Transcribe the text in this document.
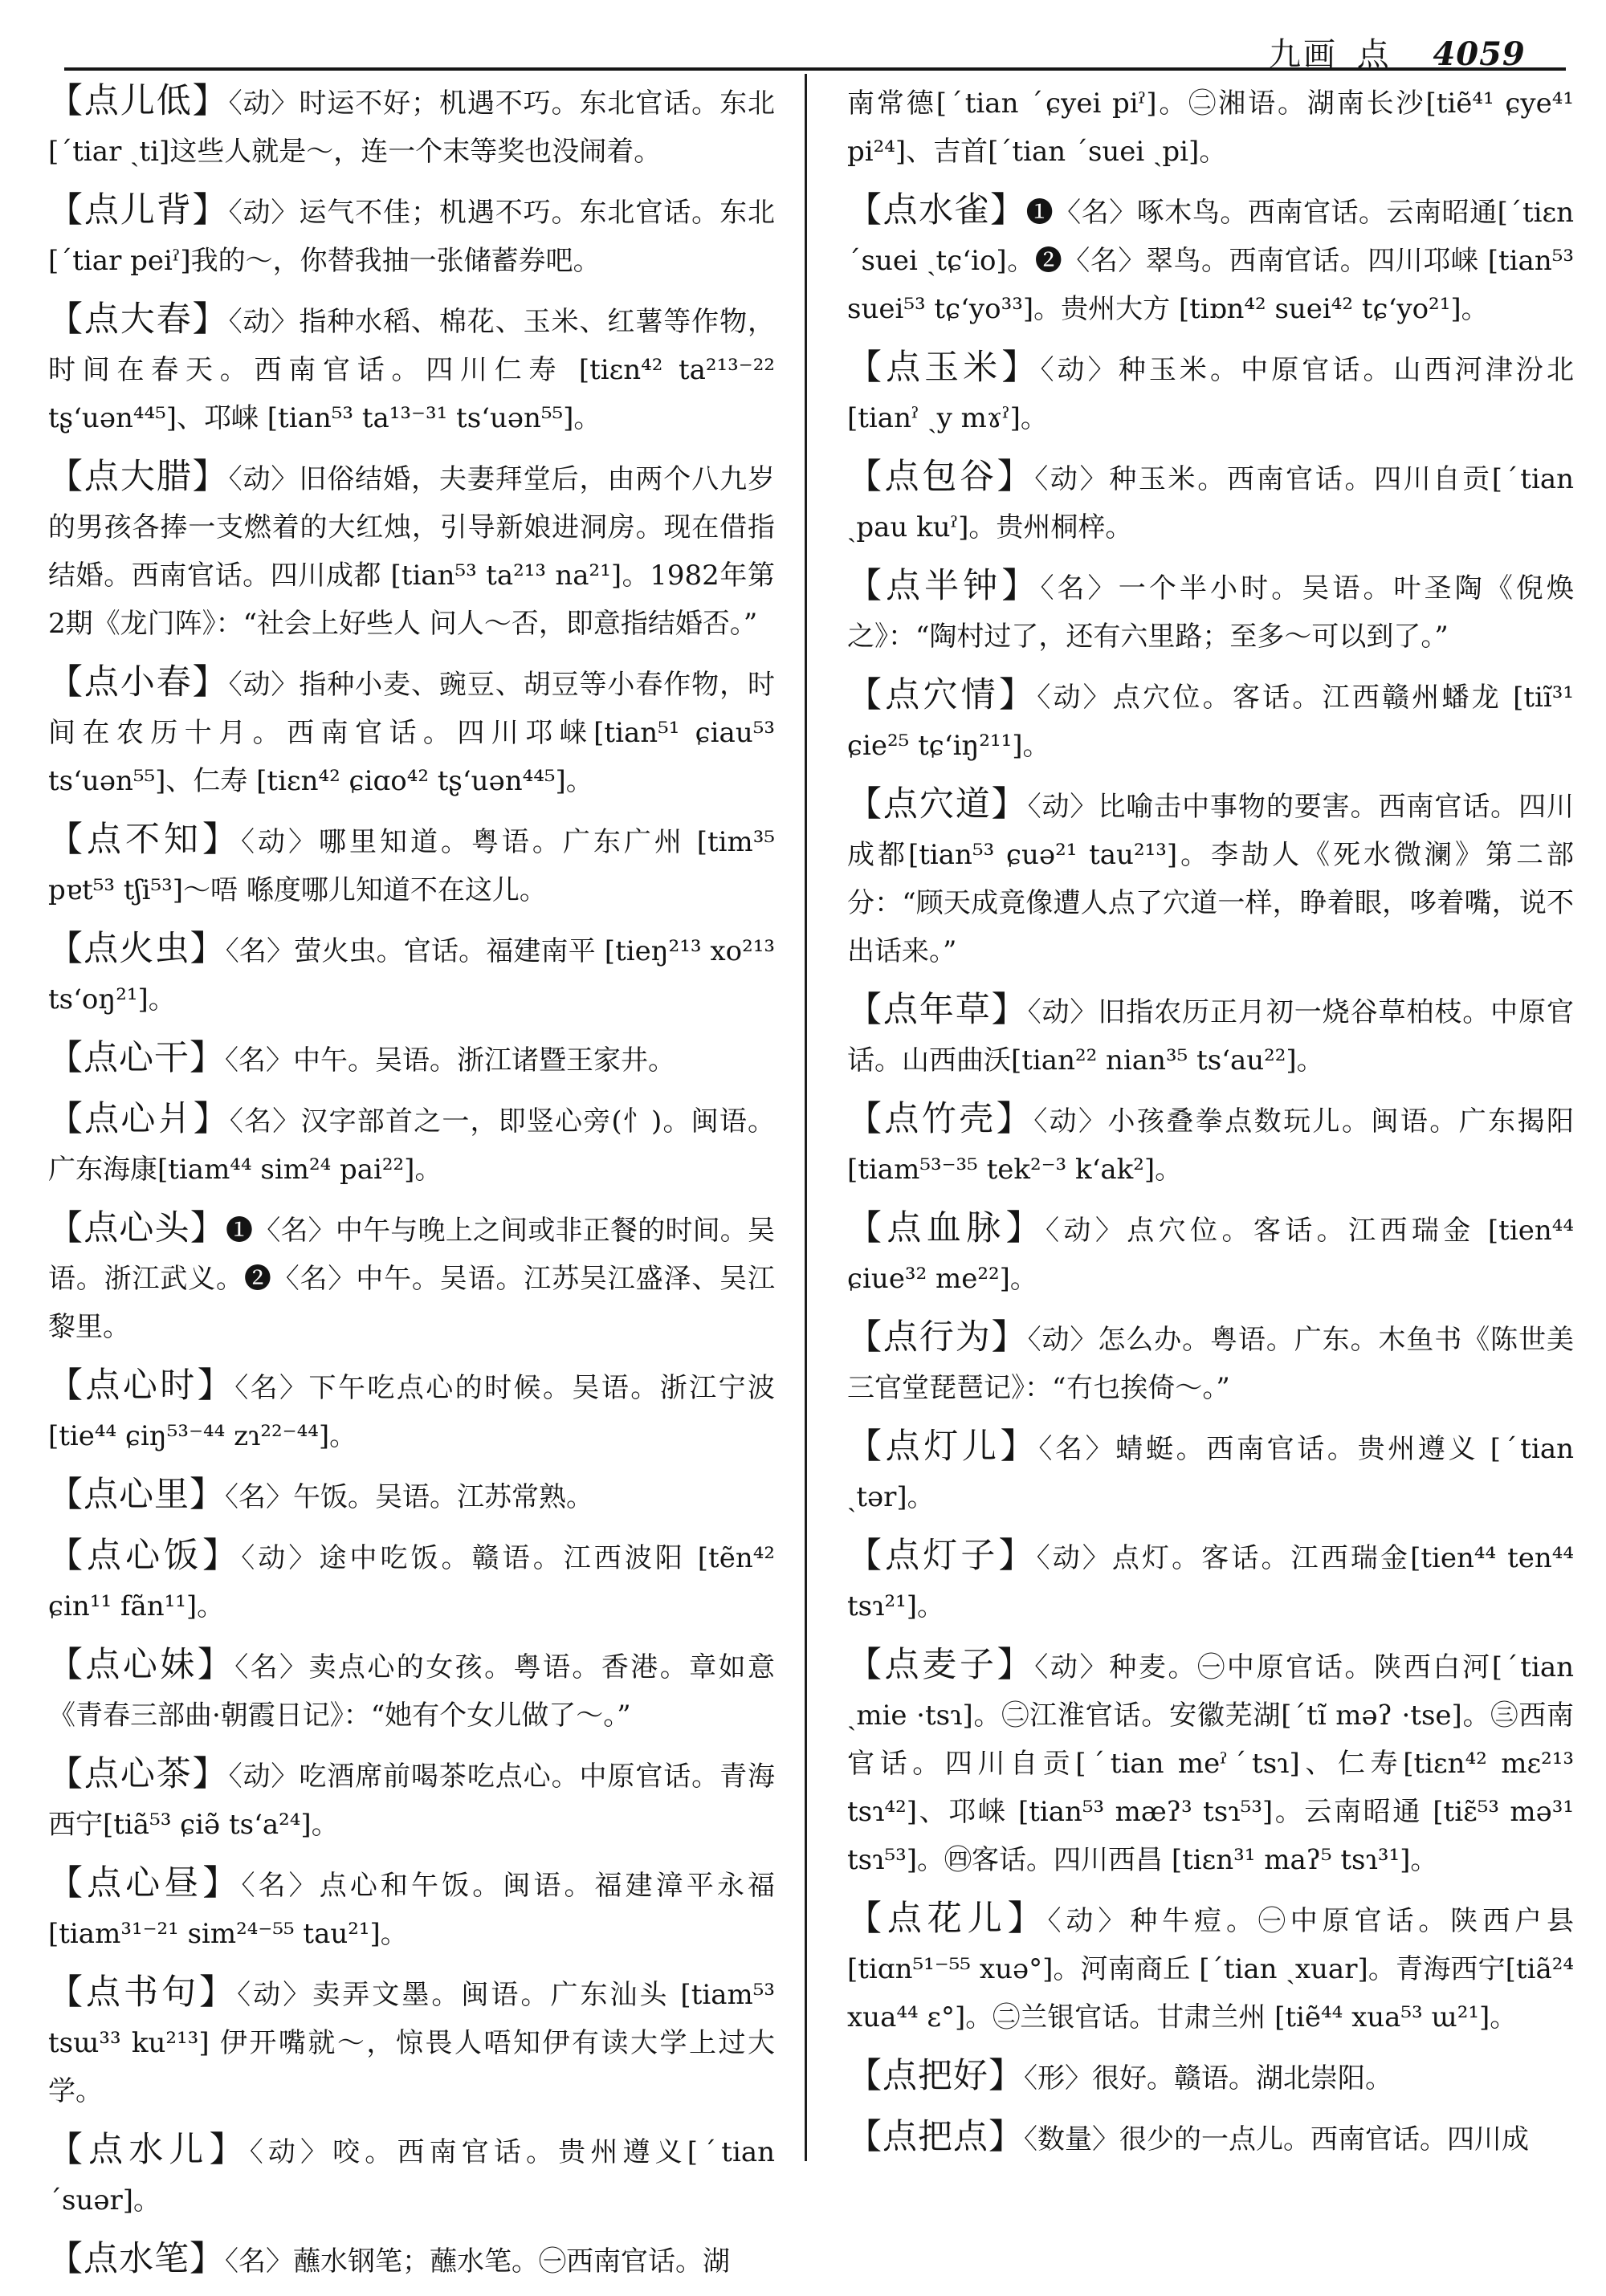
九画 点 4059

【点儿低】〈动〉时运不好；机遇不巧。东北官话。东北[ˊtiar ˏti]这些人就是～，连一个末等奖也没闹着。

【点儿背】〈动〉运气不佳；机遇不巧。东北官话。东北[ˊtiar peiˀ]我的～，你替我抽一张储蓄券吧。

【点大春】〈动〉指种水稻、棉花、玉米、红薯等作物，时间在春天。西南官话。四川仁寿 [tiɛn⁴² ta²¹³⁻²² tʂʻuən⁴⁴⁵]、邛崃 [tian⁵³ ta¹³⁻³¹ tsʻuən⁵⁵]。

【点大腊】〈动〉旧俗结婚，夫妻拜堂后，由两个八九岁的男孩各捧一支燃着的大红烛，引导新娘进洞房。现在借指结婚。西南官话。四川成都 [tian⁵³ ta²¹³ na²¹]。1982年第2期《龙门阵》：“社会上好些人 问人～否，即意指结婚否。”

【点小春】〈动〉指种小麦、豌豆、胡豆等小春作物，时间在农历十月。西南官话。四川邛崃[tian⁵¹ ɕiau⁵³ tsʻuən⁵⁵]、仁寿 [tiɛn⁴² ɕiɑo⁴² tʂʻuən⁴⁴⁵]。

【点不知】〈动〉哪里知道。粤语。广东广州 [tim³⁵ pɐt⁵³ tʃi⁵³]～唔 喺度哪儿知道不在这儿。

【点火虫】〈名〉萤火虫。官话。福建南平 [tieŋ²¹³ xo²¹³ tsʻoŋ²¹]。

【点心干】〈名〉中午。吴语。浙江诸暨王家井。

【点心爿】〈名〉汉字部首之一，即竖心旁(忄)。闽语。广东海康[tiam⁴⁴ sim²⁴ pai²²]。

【点心头】❶〈名〉中午与晚上之间或非正餐的时间。吴语。浙江武义。❷〈名〉中午。吴语。江苏吴江盛泽、吴江黎里。

【点心时】〈名〉下午吃点心的时候。吴语。浙江宁波 [tie⁴⁴ ɕiŋ⁵³⁻⁴⁴ zɿ²²⁻⁴⁴]。

【点心里】〈名〉午饭。吴语。江苏常熟。

【点心饭】〈动〉途中吃饭。赣语。江西波阳 [tẽn⁴² ɕin¹¹ fãn¹¹]。

【点心妹】〈名〉卖点心的女孩。粤语。香港。章如意《青春三部曲·朝霞日记》：“她有个女儿做了～。”

【点心茶】〈动〉吃酒席前喝茶吃点心。中原官话。青海西宁[tiã⁵³ ɕiə̃ tsʻa²⁴]。

【点心昼】〈名〉点心和午饭。闽语。福建漳平永福 [tiam³¹⁻²¹ sim²⁴⁻⁵⁵ tau²¹]。

【点书句】〈动〉卖弄文墨。闽语。广东汕头 [tiam⁵³ tsɯ³³ ku²¹³] 伊开嘴就～，惊畏人唔知伊有读大学上过大学。

【点水儿】〈动〉咬。西南官话。贵州遵义[ˊtian ˊsuər]。

【点水笔】〈名〉蘸水钢笔；蘸水笔。㊀西南官话。湖

南常德[ˊtian ˊɕyei piˀ]。㊁湘语。湖南长沙[tiẽ⁴¹ ɕye⁴¹ pi²⁴]、吉首[ˊtian ˊsuei ˏpi]。

【点水雀】❶〈名〉啄木鸟。西南官话。云南昭通[ˊtiɛn ˊsuei ˏtɕʻio]。❷〈名〉翠鸟。西南官话。四川邛崃 [tian⁵³ suei⁵³ tɕʻyo³³]。贵州大方 [tiɒn⁴² suei⁴² tɕʻyo²¹]。

【点玉米】〈动〉种玉米。中原官话。山西河津汾北 [tianˀ ˏy mɤˀ]。

【点包谷】〈动〉种玉米。西南官话。四川自贡[ˊtian ˏpau kuˀ]。贵州桐梓。

【点半钟】〈名〉一个半小时。吴语。叶圣陶《倪焕之》：“陶村过了，还有六里路；至多～可以到了。”

【点穴情】〈动〉点穴位。客话。江西赣州蟠龙 [tiĩ³¹ ɕie²⁵ tɕʻiŋ²¹¹]。

【点穴道】〈动〉比喻击中事物的要害。西南官话。四川成都[tian⁵³ ɕuə²¹ tau²¹³]。李劼人《死水微澜》第二部分：“顾天成竟像遭人点了穴道一样，睁着眼，哆着嘴，说不出话来。”

【点年草】〈动〉旧指农历正月初一烧谷草柏枝。中原官话。山西曲沃[tian²² nian³⁵ tsʻau²²]。

【点竹壳】〈动〉小孩叠拳点数玩儿。闽语。广东揭阳 [tiam⁵³⁻³⁵ tek²⁻³ kʻak²]。

【点血脉】〈动〉点穴位。客话。江西瑞金 [tien⁴⁴ ɕiue³² me²²]。

【点行为】〈动〉怎么办。粤语。广东。木鱼书《陈世美三官堂琵琶记》：“冇乜挨倚～。”

【点灯儿】〈名〉蜻蜓。西南官话。贵州遵义 [ˊtian ˏtər]。

【点灯子】〈动〉点灯。客话。江西瑞金[tien⁴⁴ ten⁴⁴ tsɿ²¹]。

【点麦子】〈动〉种麦。㊀中原官话。陕西白河[ˊtian ˏmie ·tsɿ]。㊁江淮官话。安徽芜湖[ˊtĩ məʔ ·tse]。㊂西南官话。四川自贡[ˊtian meˀˊtsɿ]、仁寿[tiɛn⁴² mɛ²¹³ tsɿ⁴²]、邛崃 [tian⁵³ mæʔ³ tsɿ⁵³]。云南昭通 [tiɛ̃⁵³ mə³¹ tsɿ⁵³]。㊃客话。四川西昌 [tiɛn³¹ maʔ⁵ tsɿ³¹]。

【点花儿】〈动〉种牛痘。㊀中原官话。陕西户县 [tiɑn⁵¹⁻⁵⁵ xuə°]。河南商丘 [ˊtian ˏxuar]。青海西宁[tiã²⁴ xua⁴⁴ ɛ°]。㊁兰银官话。甘肃兰州 [tiẽ⁴⁴ xua⁵³ ɯ²¹]。

【点把好】〈形〉很好。赣语。湖北崇阳。

【点把点】〈数量〉很少的一点儿。西南官话。四川成
